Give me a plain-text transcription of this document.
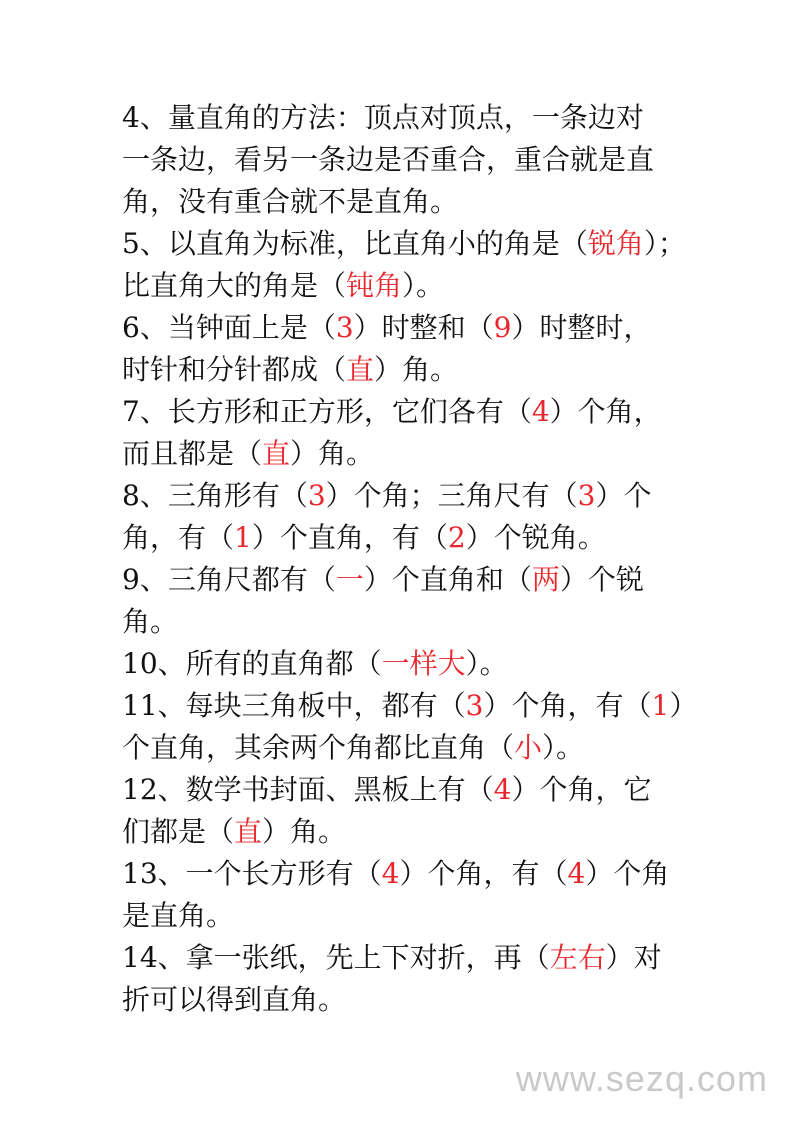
4、量直角的方法：顶点对顶点，一条边对
一条边，看另一条边是否重合，重合就是直
角，没有重合就不是直角。
5、以直角为标准，比直角小的角是（锐角）；
比直角大的角是（钝角）。
6、当钟面上是（3）时整和（9）时整时，
时针和分针都成（直）角。
7、长方形和正方形，它们各有（4）个角，
而且都是（直）角。
8、三角形有（3）个角；三角尺有（3）个
角，有（1）个直角，有（2）个锐角。
9、三角尺都有（一）个直角和（两）个锐
角。
10、所有的直角都（一样大）。
11、每块三角板中，都有（3）个角，有（1）
个直角，其余两个角都比直角（小）。
12、数学书封面、黑板上有（4）个角，它
们都是（直）角。
13、一个长方形有（4）个角，有（4）个角
是直角。
14、拿一张纸，先上下对折，再（左右）对
折可以得到直角。
www.sezq.com
